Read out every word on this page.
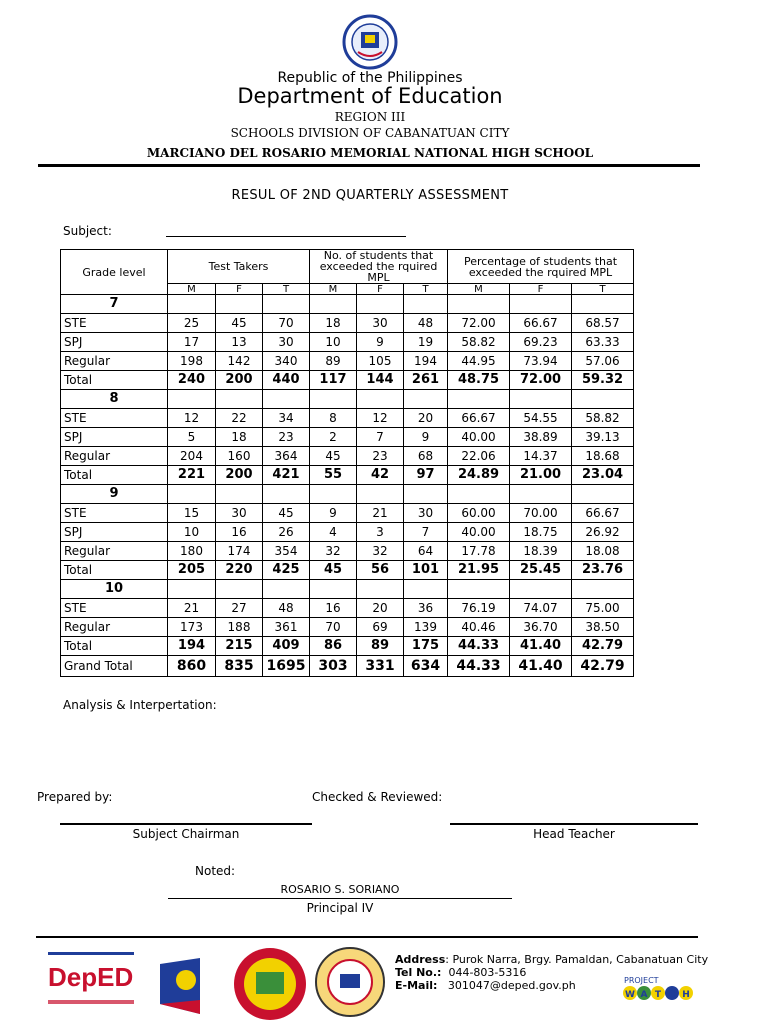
Republic of the Philippines
Department of Education
REGION III
SCHOOLS DIVISION OF CABANATUAN CITY
MARCIANO DEL ROSARIO MEMORIAL NATIONAL HIGH SCHOOL
RESUL OF 2ND QUARTERLY ASSESSMENT
Subject:
Grade level	Test Takers			No. of students that exceeded the rquired MPL			Percentage of students that exceeded the rquired MPL		
	M	F	T	M	F	T	M	F	T
7									
STE	25	45	70	18	30	48	72.00	66.67	68.57
SPJ	17	13	30	10	9	19	58.82	69.23	63.33
Regular	198	142	340	89	105	194	44.95	73.94	57.06
Total	240	200	440	117	144	261	48.75	72.00	59.32
8									
STE	12	22	34	8	12	20	66.67	54.55	58.82
SPJ	5	18	23	2	7	9	40.00	38.89	39.13
Regular	204	160	364	45	23	68	22.06	14.37	18.68
Total	221	200	421	55	42	97	24.89	21.00	23.04
9									
STE	15	30	45	9	21	30	60.00	70.00	66.67
SPJ	10	16	26	4	3	7	40.00	18.75	26.92
Regular	180	174	354	32	32	64	17.78	18.39	18.08
Total	205	220	425	45	56	101	21.95	25.45	23.76
10									
STE	21	27	48	16	20	36	76.19	74.07	75.00
Regular	173	188	361	70	69	139	40.46	36.70	38.50
Total	194	215	409	86	89	175	44.33	41.40	42.79
Grand Total	860	835	1695	303	331	634	44.33	41.40	42.79
Analysis & Interpertation:
Prepared by:	Checked & Reviewed:
Subject Chairman	Head Teacher
Noted:
ROSARIO S. SORIANO
Principal IV
DepED
Address: Purok Narra, Brgy. Pamaldan, Cabanatuan City
Tel No.: 044-803-5316
E-Mail: 301047@deped.gov.ph	PROJECT
W A T C H
